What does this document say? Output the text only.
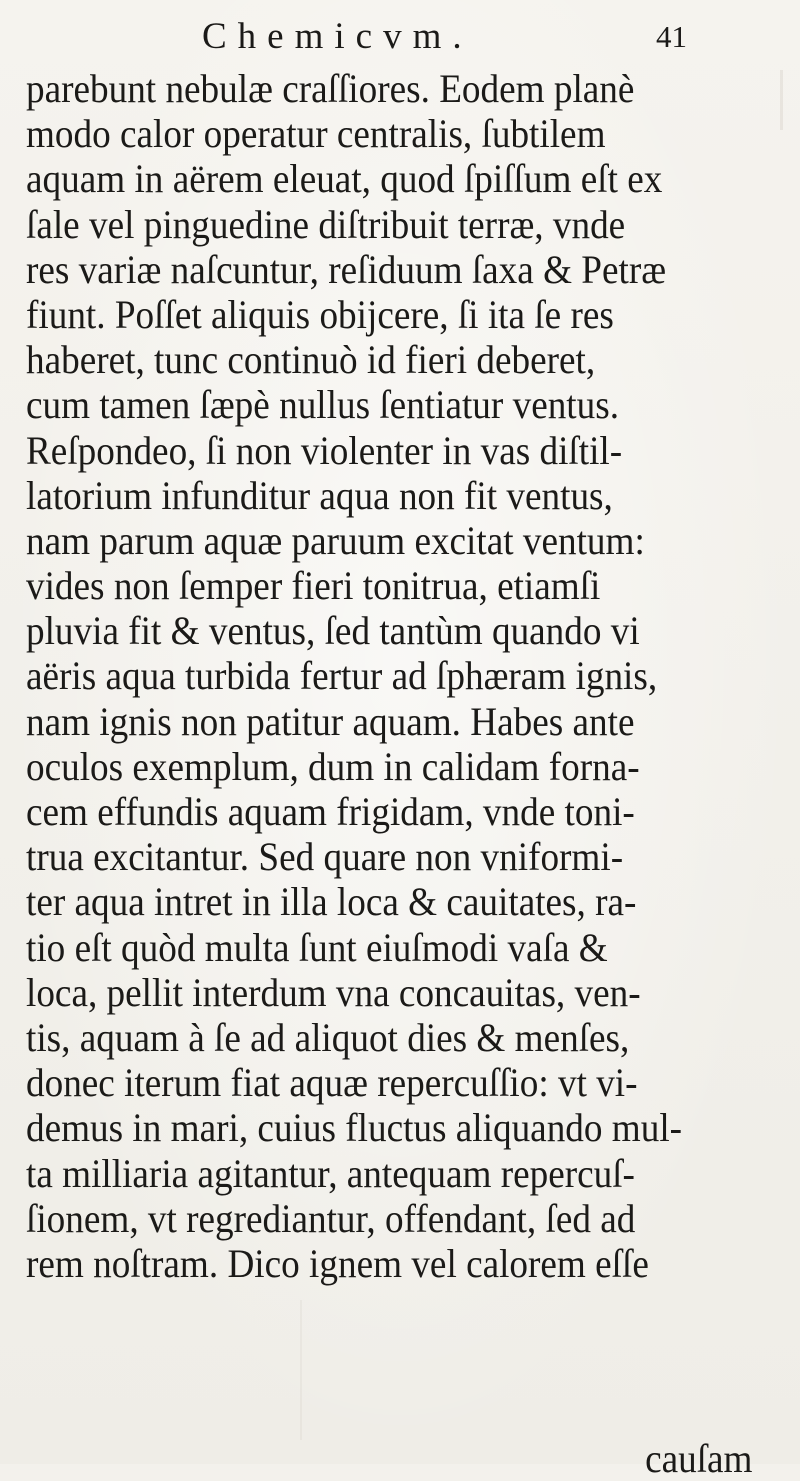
Chemicvm.	41
parebunt nebulæ craſſiores. Eodem planè
modo calor operatur centralis, ſubtilem
aquam in aërem eleuat, quod ſpiſſum eſt ex
ſale vel pinguedine diſtribuit terræ, vnde
res variæ naſcuntur, reſiduum ſaxa & Petræ
fiunt. Poſſet aliquis obijcere, ſi ita ſe res
haberet, tunc continuò id fieri deberet,
cum tamen ſæpè nullus ſentiatur ventus.
Reſpondeo, ſi non violenter in vas diſtil-
latorium infunditur aqua non fit ventus,
nam parum aquæ paruum excitat ventum:
vides non ſemper fieri tonitrua, etiamſi
pluvia fit & ventus, ſed tantùm quando vi
aëris aqua turbida fertur ad ſphæram ignis,
nam ignis non patitur aquam. Habes ante
oculos exemplum, dum in calidam forna-
cem effundis aquam frigidam, vnde toni-
trua excitantur. Sed quare non vniformi-
ter aqua intret in illa loca & cauitates, ra-
tio eſt quòd multa ſunt eiuſmodi vaſa &
loca, pellit interdum vna concauitas, ven-
tis, aquam à ſe ad aliquot dies & menſes,
donec iterum fiat aquæ repercuſſio: vt vi-
demus in mari, cuius fluctus aliquando mul-
ta milliaria agitantur, antequam repercuſ-
ſionem, vt regrediantur, offendant, ſed ad
rem noſtram. Dico ignem vel calorem eſſe
cauſam
